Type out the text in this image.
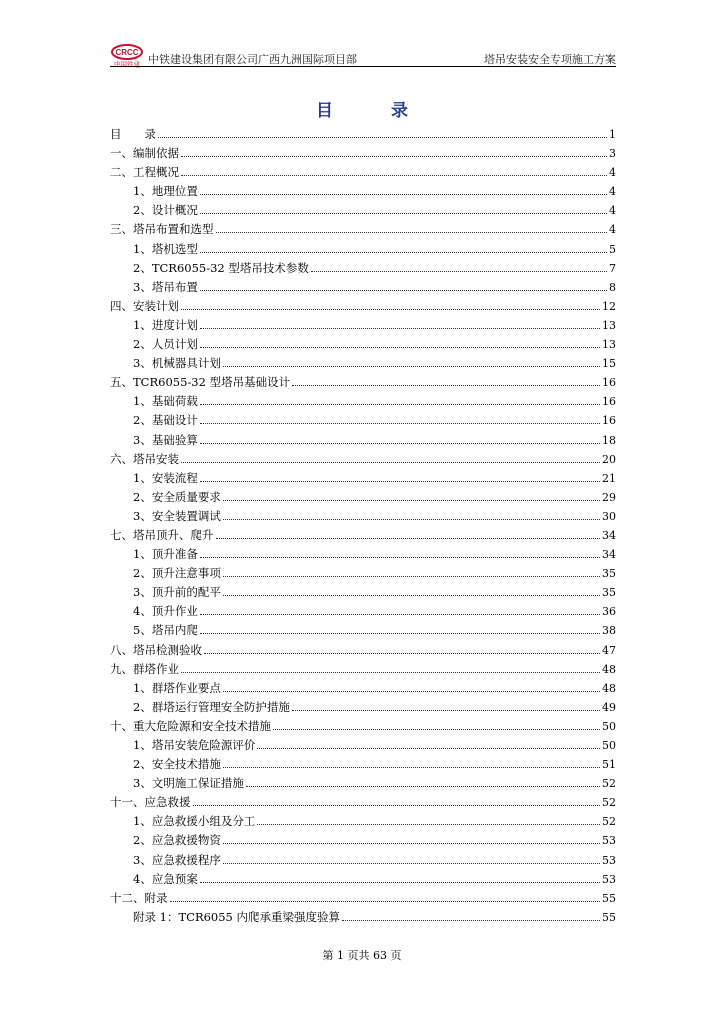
CRCC
中国铁建 中铁建设集团有限公司广西九洲国际项目部	塔吊安装安全专项施工方案
目	录
目　　录	1
一、编制依据	3
二、工程概况	4
1、地理位置	4
2、设计概况	4
三、塔吊布置和选型	4
1、塔机选型	5
2、TCR6055-32 型塔吊技术参数	7
3、塔吊布置	8
四、安装计划	12
1、进度计划	13
2、人员计划	13
3、机械器具计划	15
五、TCR6055-32 型塔吊基础设计	16
1、基础荷载	16
2、基础设计	16
3、基础验算	18
六、塔吊安装	20
1、安装流程	21
2、安全质量要求	29
3、安全装置调试	30
七、塔吊顶升、爬升	34
1、顶升准备	34
2、顶升注意事项	35
3、顶升前的配平	35
4、顶升作业	36
5、塔吊内爬	38
八、塔吊检测验收	47
九、群塔作业	48
1、群塔作业要点	48
2、群塔运行管理安全防护措施	49
十、重大危险源和安全技术措施	50
1、塔吊安装危险源评价	50
2、安全技术措施	51
3、文明施工保证措施	52
十一、应急救援	52
1、应急救援小组及分工	52
2、应急救援物资	53
3、应急救援程序	53
4、应急预案	53
十二、附录	55
附录 1：TCR6055 内爬承重梁强度验算	55
第 1 页共 63 页
